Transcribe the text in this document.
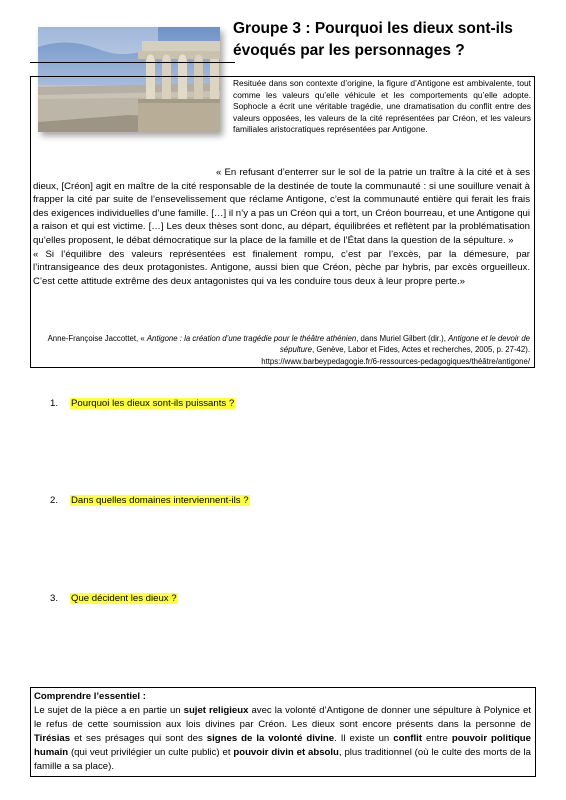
Groupe 3 : Pourquoi les dieux sont-ils
évoqués par les personnages ?
Resituée dans son contexte d’origine, la figure d’Antigone est ambivalente, tout comme les valeurs qu’elle véhicule et les comportements qu’elle adopte. Sophocle a écrit une véritable tragédie, une dramatisation du conflit entre des valeurs opposées, les valeurs de la cité représentées par Créon, et les valeurs familiales aristocratiques représentées par Antigone.

« En refusant d’enterrer sur le sol de la patrie un traître à la cité et à ses dieux, [Créon] agit en maître de la cité responsable de la destinée de toute la communauté : si une souillure venait à frapper la cité par suite de l’ensevelissement que réclame Antigone, c’est la communauté entière qui ferait les frais des exigences individuelles d’une famille. […] il n’y a pas un Créon qui a tort, un Créon bourreau, et une Antigone qui a raison et qui est victime. […] Les deux thèses sont donc, au départ, équilibrées et reflètent par la problématisation qu’elles proposent, le débat démocratique sur la place de la famille et de l’État dans la question de la sépulture. »

« Si l’équilibre des valeurs représentées est finalement rompu, c’est par l’excès, par la démesure, par l’intransigeance des deux protagonistes. Antigone, aussi bien que Créon, pèche par hybris, par excès orgueilleux. C’est cette attitude extrême des deux antagonistes qui va les conduire tous deux à leur propre perte.»

Anne-Françoise Jaccottet, « Antigone : la création d’une tragédie pour le théâtre athénien, dans Muriel Gilbert (dir.), Antigone et le devoir de sépulture, Genève, Labor et Fides, Actes et recherches, 2005, p. 27-42).
https://www.barbeypedagogie.fr/6-ressources-pedagogiques/théâtre/antigone/
1. Pourquoi les dieux sont-ils puissants ?
2. Dans quelles domaines interviennent-ils ?
3. Que décident les dieux ?
Comprendre l’essentiel :
Le sujet de la pièce a en partie un sujet religieux avec la volonté d’Antigone de donner une sépulture à Polynice et le refus de cette soumission aux lois divines par Créon. Les dieux sont encore présents dans la personne de Tirésias et ses présages qui sont des signes de la volonté divine. Il existe un conflit entre pouvoir politique humain (qui veut privilégier un culte public) et pouvoir divin et absolu, plus traditionnel (où le culte des morts de la famille a sa place).
